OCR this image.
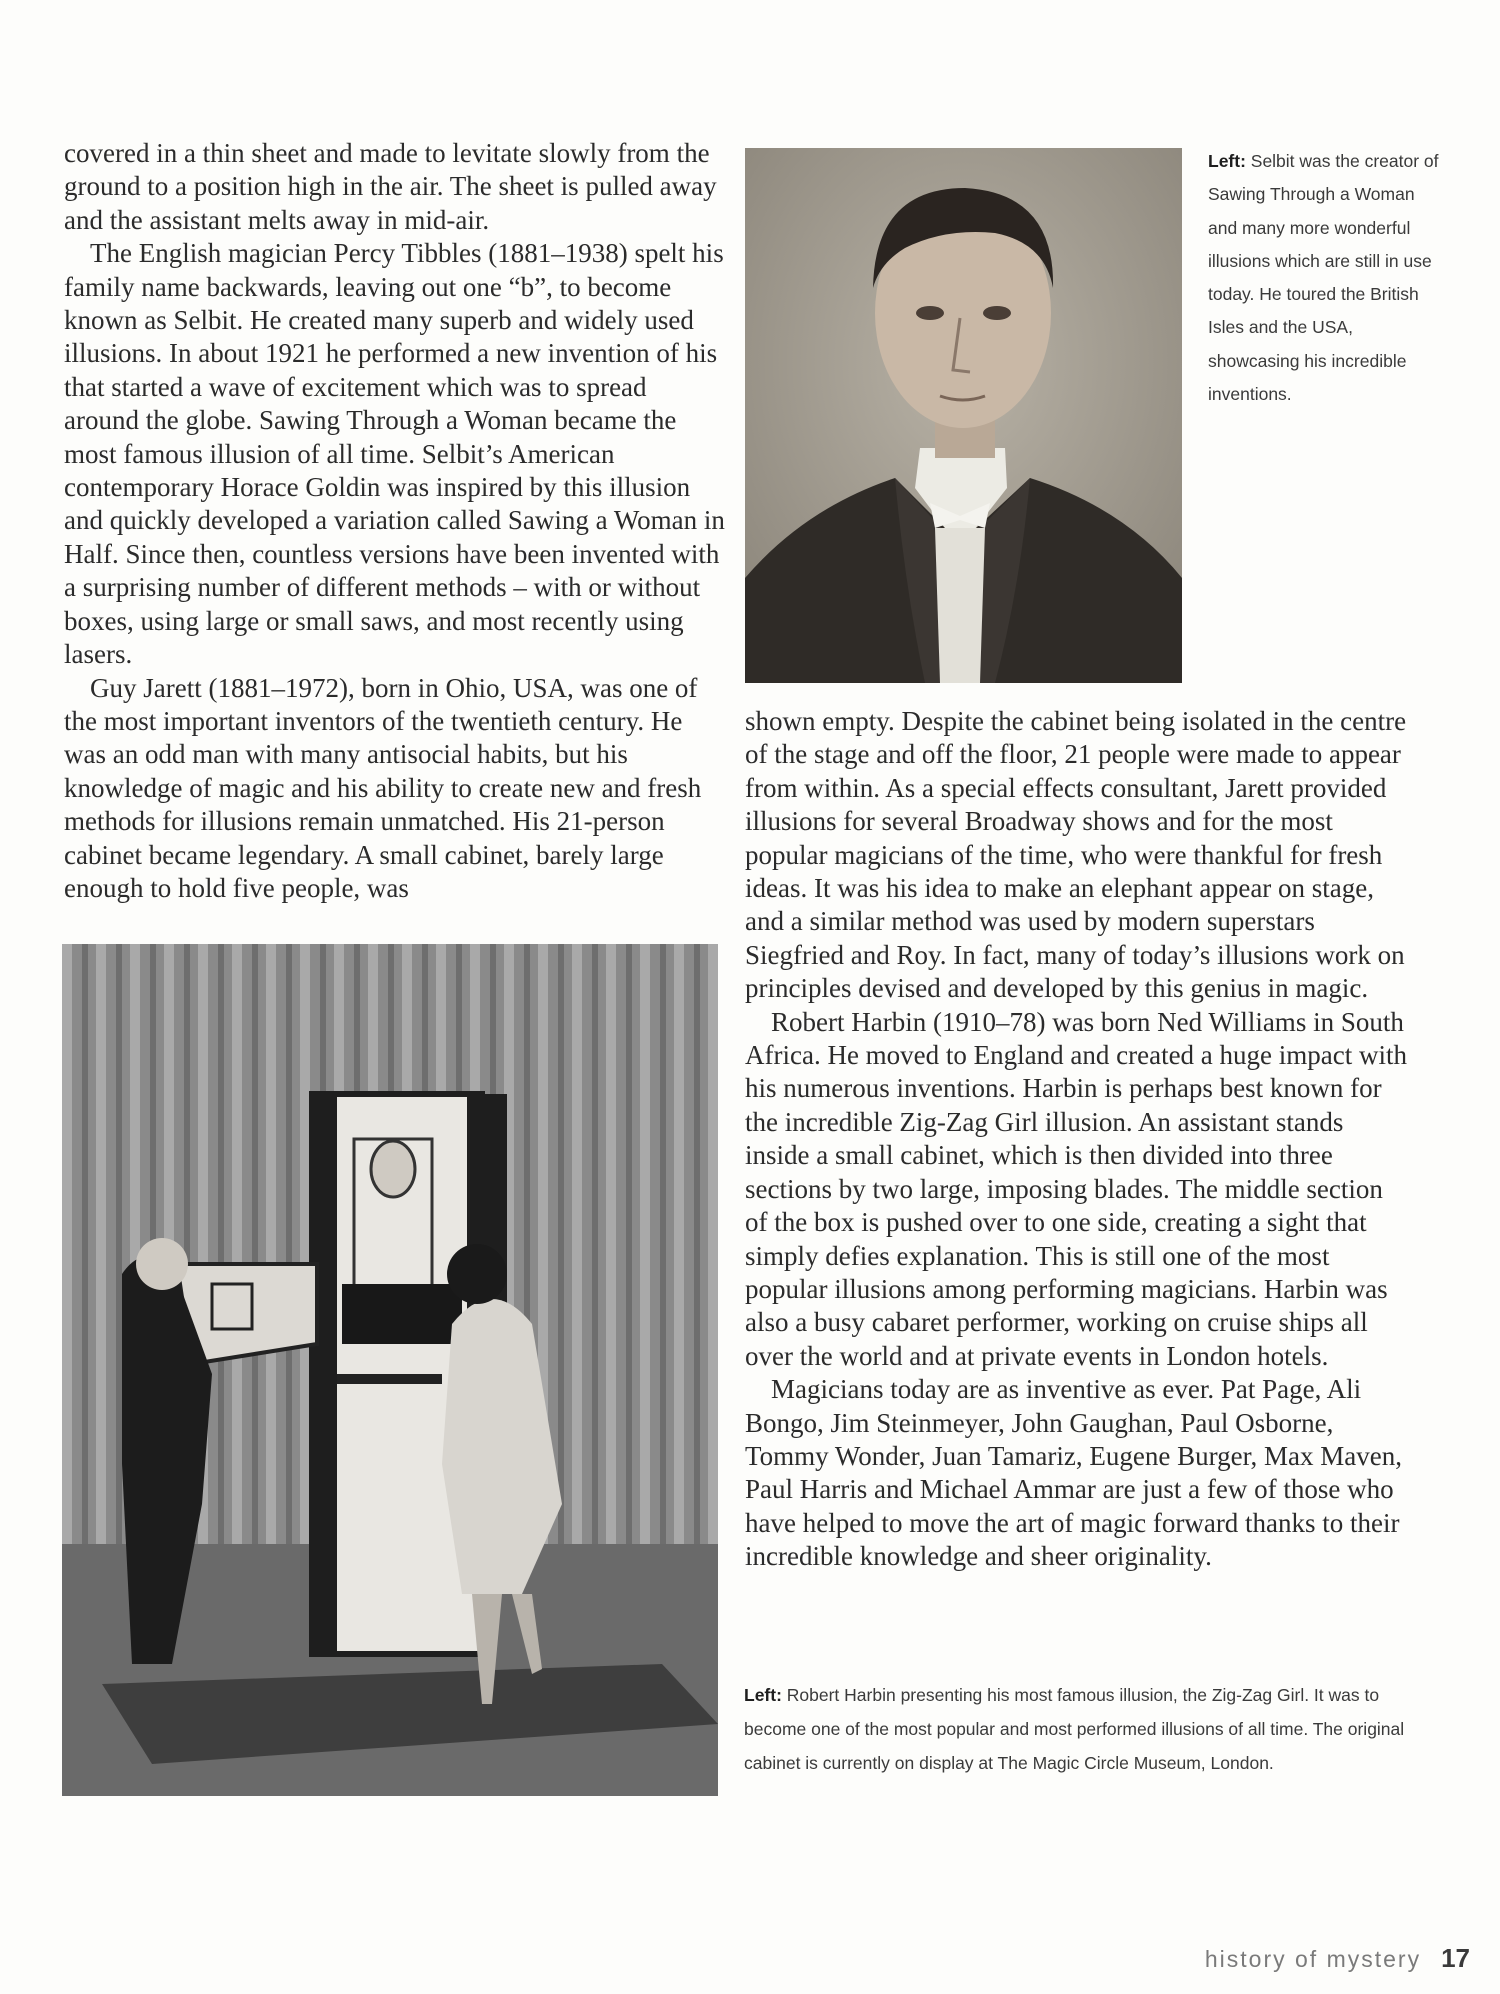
covered in a thin sheet and made to levitate slowly from the ground to a position high in the air. The sheet is pulled away and the assistant melts away in mid-air.

The English magician Percy Tibbles (1881–1938) spelt his family name backwards, leaving out one “b”, to become known as Selbit. He created many superb and widely used illusions. In about 1921 he performed a new invention of his that started a wave of excitement which was to spread around the globe. Sawing Through a Woman became the most famous illusion of all time. Selbit’s American contemporary Horace Goldin was inspired by this illusion and quickly developed a variation called Sawing a Woman in Half. Since then, countless versions have been invented with a surprising number of different methods – with or without boxes, using large or small saws, and most recently using lasers.

Guy Jarett (1881–1972), born in Ohio, USA, was one of the most important inventors of the twentieth century. He was an odd man with many antisocial habits, but his knowledge of magic and his ability to create new and fresh methods for illusions remain unmatched. His 21-person cabinet became legendary. A small cabinet, barely large enough to hold five people, was

Left: Selbit was the creator of Sawing Through a Woman and many more wonderful illusions which are still in use today. He toured the British Isles and the USA, showcasing his incredible inventions.

shown empty. Despite the cabinet being isolated in the centre of the stage and off the floor, 21 people were made to appear from within. As a special effects consultant, Jarett provided illusions for several Broadway shows and for the most popular magicians of the time, who were thankful for fresh ideas. It was his idea to make an elephant appear on stage, and a similar method was used by modern superstars Siegfried and Roy. In fact, many of today’s illusions work on principles devised and developed by this genius in magic.

Robert Harbin (1910–78) was born Ned Williams in South Africa. He moved to England and created a huge impact with his numerous inventions. Harbin is perhaps best known for the incredible Zig-Zag Girl illusion. An assistant stands inside a small cabinet, which is then divided into three sections by two large, imposing blades. The middle section of the box is pushed over to one side, creating a sight that simply defies explanation. This is still one of the most popular illusions among performing magicians. Harbin was also a busy cabaret performer, working on cruise ships all over the world and at private events in London hotels.

Magicians today are as inventive as ever. Pat Page, Ali Bongo, Jim Steinmeyer, John Gaughan, Paul Osborne, Tommy Wonder, Juan Tamariz, Eugene Burger, Max Maven, Paul Harris and Michael Ammar are just a few of those who have helped to move the art of magic forward thanks to their incredible knowledge and sheer originality.

Left: Robert Harbin presenting his most famous illusion, the Zig-Zag Girl. It was to become one of the most popular and most performed illusions of all time. The original cabinet is currently on display at The Magic Circle Museum, London.
history of mystery 17
